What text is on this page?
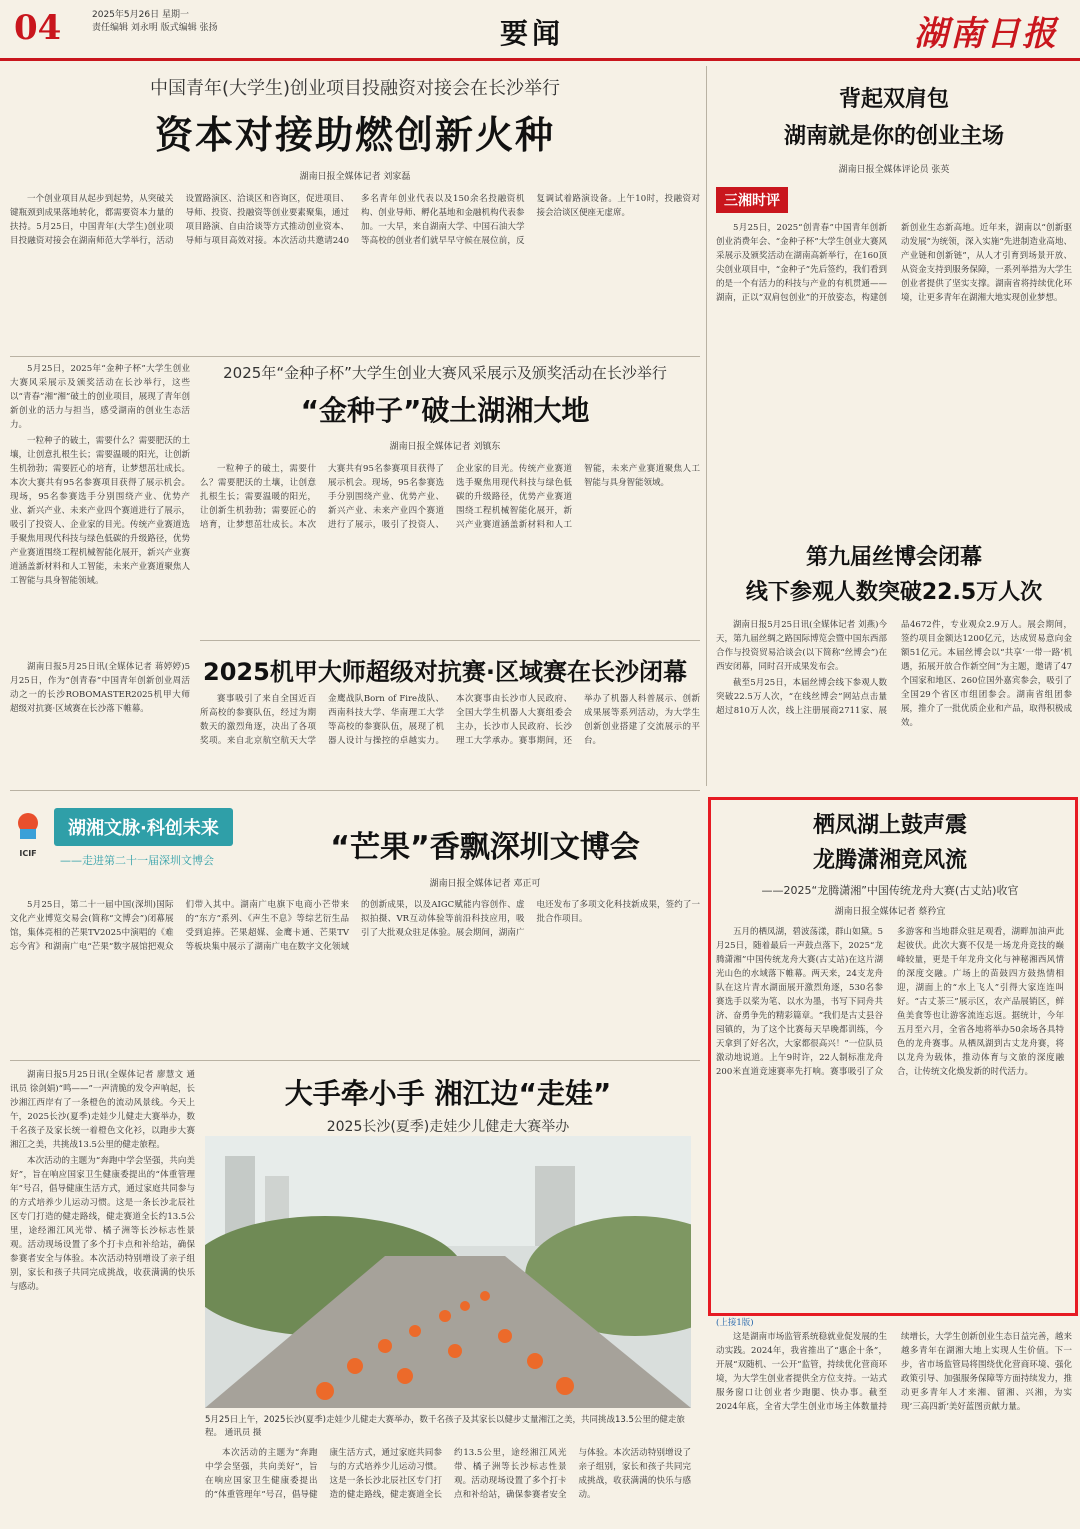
04	2025年5月26日 星期一
责任编辑 刘永明 版式编辑 张扬	要闻	湖南日报
中国青年(大学生)创业项目投融资对接会在长沙举行
资本对接助燃创新火种
湖南日报全媒体记者 刘家磊

一个创业项目从起步到起势，从突破关键瓶颈到成果落地转化，都需要资本力量的扶持。5月25日，中国青年(大学生)创业项目投融资对接会在湖南师范大学举行，活动设置路演区、洽谈区和咨询区，促进项目、导师、投资、投融资等创业要素聚集，通过项目路演、自由洽谈等方式推动创业资本、导师与项目高效对接。本次活动共邀请240多名青年创业代表以及150余名投融资机构、创业导师、孵化基地和金融机构代表参加。一大早，来自湖南大学、中国石油大学等高校的创业者们就早早守候在展位前，反复调试着路演设备。上午10时，投融资对接会洽谈区便座无虚席。

背起双肩包
湖南就是你的创业主场
湖南日报全媒体评论员 张英
三湘时评

5月25日，2025“创青春”中国青年创新创业消费年会、“金种子杯”大学生创业大赛风采展示及颁奖活动在湖南高新举行，在160顶尖创业项目中，“金种子”先后签约，我们看到的是一个有活力的科技与产业的有机贯通——湖南，正以“双肩包创业”的开放姿态，构建创新创业生态新高地。近年来，湖南以“创新驱动发展”为统领，深入实施“先进制造业高地、产业链和创新链”，从人才引育到场景开放、从资金支持到服务保障，一系列举措为大学生创业者提供了坚实支撑。湖南省将持续优化环境，让更多青年在湖湘大地实现创业梦想。

2025年“金种子杯”大学生创业大赛风采展示及颁奖活动在长沙举行
“金种子”破土湖湘大地
湖南日报全媒体记者 刘镇东

5月25日，2025年“金种子杯”大学生创业大赛风采展示及颁奖活动在长沙举行，这些以“青春”湘“湘”破土的创业项目，展现了青年创新创业的活力与担当，感受湖南的创业生态活力。

一粒种子的破土，需要什么？需要肥沃的土壤，让创意扎根生长；需要温暖的阳光，让创新生机勃勃；需要匠心的培育，让梦想茁壮成长。本次大赛共有95名参赛项目获得了展示机会。现场，95名参赛选手分别围绕产业、优势产业、新兴产业、未来产业四个赛道进行了展示，吸引了投资人、企业家的目光。传统产业赛道选手聚焦用现代科技与绿色低碳的升级路径，优势产业赛道围绕工程机械智能化展开，新兴产业赛道涵盖新材料和人工智能，未来产业赛道聚焦人工智能与具身智能领域。

一粒种子的破土，需要什么？需要肥沃的土壤，让创意扎根生长；需要温暖的阳光，让创新生机勃勃；需要匠心的培育，让梦想茁壮成长。本次大赛共有95名参赛项目获得了展示机会。现场，95名参赛选手分别围绕产业、优势产业、新兴产业、未来产业四个赛道进行了展示，吸引了投资人、企业家的目光。传统产业赛道选手聚焦用现代科技与绿色低碳的升级路径，优势产业赛道围绕工程机械智能化展开，新兴产业赛道涵盖新材料和人工智能，未来产业赛道聚焦人工智能与具身智能领域。

2025机甲大师超级对抗赛·区域赛在长沙闭幕

湖南日报5月25日讯(全媒体记者 蒋婷婷)5月25日，作为“创青春”中国青年创新创业周活动之一的长沙ROBOMASTER2025机甲大师超级对抗赛·区域赛在长沙落下帷幕。

赛事吸引了来自全国近百所高校的参赛队伍，经过为期数天的激烈角逐，决出了各项奖项。来自北京航空航天大学金鹰战队Born of Fire战队、西南科技大学、华南理工大学等高校的参赛队伍，展现了机器人设计与操控的卓越实力。本次赛事由长沙市人民政府、全国大学生机器人大赛组委会主办，长沙市人民政府、长沙理工大学承办。赛事期间，还举办了机器人科普展示、创新成果展等系列活动，为大学生创新创业搭建了交流展示的平台。

第九届丝博会闭幕
线下参观人数突破22.5万人次

湖南日报5月25日讯(全媒体记者 刘燕)今天，第九届丝绸之路国际博览会暨中国东西部合作与投资贸易洽谈会(以下简称“丝博会”)在西安闭幕，同时召开成果发布会。

截至5月25日，本届丝博会线下参观人数突破22.5万人次，“在线丝博会”网站点击量超过810万人次，线上注册展商2711家、展品4672件，专业观众2.9万人。展会期间，签约项目金额达1200亿元，达成贸易意向金额51亿元。本届丝博会以“共享‘一带一路’机遇，拓展开放合作新空间”为主题，邀请了47个国家和地区、260位国外嘉宾参会，吸引了全国29个省区市组团参会。湖南省组团参展，推介了一批优质企业和产品，取得积极成效。

栖凤湖上鼓声震
龙腾潇湘竞风流
——2025“龙腾潇湘”中国传统龙舟大赛(古丈站)收官
湖南日报全媒体记者 蔡矜宜

五月的栖凤湖，碧波荡漾，群山如黛。5月25日，随着最后一声鼓点落下，2025“龙腾潇湘”中国传统龙舟大赛(古丈站)在这片湖光山色的水域落下帷幕。两天来，24支龙舟队在这片青水湖面展开激烈角逐，530名参赛选手以桨为笔、以水为墨，书写下同舟共济、奋勇争先的精彩篇章。“我们是古丈县谷园镇的，为了这个比赛每天早晚都训练，今天拿到了好名次，大家都很高兴！”一位队员激动地说道。上午9时许，22人制标准龙舟200米直道竞速赛率先打响。赛事吸引了众多游客和当地群众驻足观看，湖畔加油声此起彼伏。此次大赛不仅是一场龙舟竞技的巅峰较量，更是千年龙舟文化与神秘湘西风情的深度交融。广场上的苗鼓四方鼓热情相迎，湖面上的“水上飞人”引得大家连连叫好。“古丈茶三”展示区，农产品展销区，鲜鱼美食等也让游客流连忘返。据统计，今年五月至六月，全省各地将举办50余场各具特色的龙舟赛事。从栖凤湖到古丈龙舟赛，将以龙舟为载体，推动体育与文旅的深度融合，让传统文化焕发新的时代活力。

ICIF
湖湘文脉·科创未来
——走进第二十一届深圳文博会	“芒果”香飘深圳文博会
湖南日报全媒体记者 邓正可

5月25日，第二十一届中国(深圳)国际文化产业博览交易会(简称“文博会”)闭幕展馆，集体亮相的芒果TV2025中演唱的《难忘今宵》和湖南广电“芒果”数字展馆把观众们带入其中。湖南广电旗下电商小芒带来的“东方”系列、《声生不息》等综艺衍生品受到追捧。芒果超媒、金鹰卡通、芒果TV等板块集中展示了湖南广电在数字文化领域的创新成果，以及AIGC赋能内容创作、虚拟拍摄、VR互动体验等前沿科技应用，吸引了大批观众驻足体验。展会期间，湖南广电还发布了多项文化科技新成果，签约了一批合作项目。

湖南日报5月25日讯(全媒体记者 廖慧文 通讯员 徐剑娟)“鸣——”一声清脆的发令声响起，长沙湘江西岸有了一条橙色的流动风景线。今天上午，2025长沙(夏季)走娃少儿健走大赛举办，数千名孩子及家长统一着橙色文化衫，以跑步大赛湘江之美，共挑战13.5公里的健走旅程。

本次活动的主题为“奔跑中学会坚强，共向美好”，旨在响应国家卫生健康委提出的“体重管理年”号召，倡导健康生活方式，通过家庭共同参与的方式培养少儿运动习惯。这是一条长沙北辰社区专门打造的健走路线，健走赛道全长约13.5公里，途经湘江风光带、橘子洲等长沙标志性景观。活动现场设置了多个打卡点和补给站，确保参赛者安全与体验。本次活动特别增设了亲子组别，家长和孩子共同完成挑战，收获满满的快乐与感动。

大手牵小手 湘江边“走娃”
2025长沙(夏季)走娃少儿健走大赛举办
5月25日上午，2025长沙(夏季)走娃少儿健走大赛举办，数千名孩子及其家长以健步丈量湘江之美，共同挑战13.5公里的健走旅程。 通讯员 摄

本次活动的主题为“奔跑中学会坚强，共向美好”，旨在响应国家卫生健康委提出的“体重管理年”号召，倡导健康生活方式，通过家庭共同参与的方式培养少儿运动习惯。这是一条长沙北辰社区专门打造的健走路线，健走赛道全长约13.5公里，途经湘江风光带、橘子洲等长沙标志性景观。活动现场设置了多个打卡点和补给站，确保参赛者安全与体验。本次活动特别增设了亲子组别，家长和孩子共同完成挑战，收获满满的快乐与感动。

(上接1版)

这是湖南市场监管系统稳就业促发展的生动实践。2024年，我省推出了“惠企十条”，开展“双随机、一公开”监管，持续优化营商环境，为大学生创业者提供全方位支持。一站式服务窗口让创业者少跑腿、快办事。截至2024年底，全省大学生创业市场主体数量持续增长，大学生创新创业生态日益完善，越来越多青年在湖湘大地上实现人生价值。下一步，省市场监管局将围绕优化营商环境、强化政策引导、加强服务保障等方面持续发力，推动更多青年人才来湘、留湘、兴湘，为实现‘三高四新’美好蓝图贡献力量。
